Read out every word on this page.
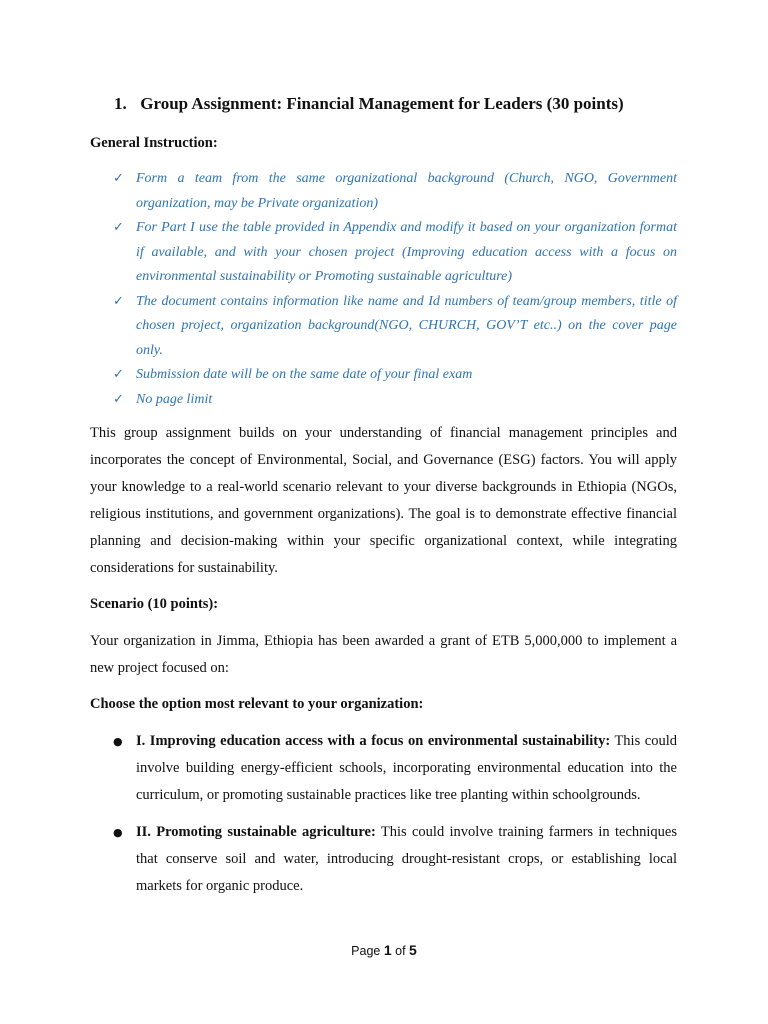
1. Group Assignment: Financial Management for Leaders (30 points)
General Instruction:
✓ Form a team from the same organizational background (Church, NGO, Government organization, may be Private organization)
✓ For Part I use the table provided in Appendix and modify it based on your organization format if available, and with your chosen project (Improving education access with a focus on environmental sustainability or Promoting sustainable agriculture)
✓ The document contains information like name and Id numbers of team/group members, title of chosen project, organization background(NGO, CHURCH, GOV’T etc..) on the cover page only.
✓ Submission date will be on the same date of your final exam
✓ No page limit

This group assignment builds on your understanding of financial management principles and incorporates the concept of Environmental, Social, and Governance (ESG) factors. You will apply your knowledge to a real-world scenario relevant to your diverse backgrounds in Ethiopia (NGOs, religious institutions, and government organizations). The goal is to demonstrate effective financial planning and decision-making within your specific organizational context, while integrating considerations for sustainability.

Scenario (10 points):

Your organization in Jimma, Ethiopia has been awarded a grant of ETB 5,000,000 to implement a new project focused on:

Choose the option most relevant to your organization:
● I. Improving education access with a focus on environmental sustainability: This could involve building energy-efficient schools, incorporating environmental education into the curriculum, or promoting sustainable practices like tree planting within schoolgrounds.
● II. Promoting sustainable agriculture: This could involve training farmers in techniques that conserve soil and water, introducing drought-resistant crops, or establishing local markets for organic produce.
Page 1 of 5
